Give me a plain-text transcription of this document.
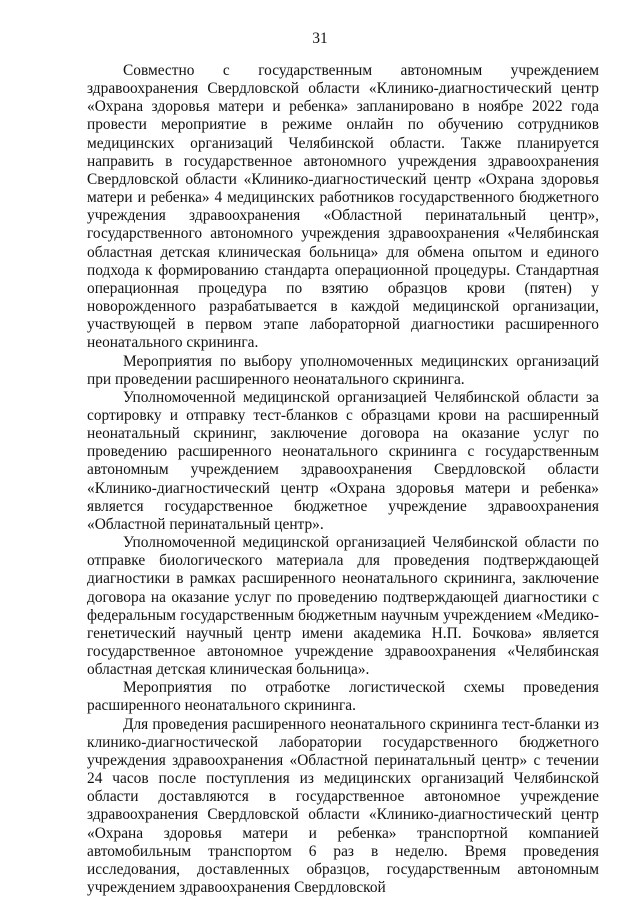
31

Совместно с государственным автономным учреждением здравоохранения Свердловской области «Клинико-диагностический центр «Охрана здоровья матери и ребенка» запланировано в ноябре 2022 года провести мероприятие в режиме онлайн по обучению сотрудников медицинских организаций Челябинской области. Также планируется направить в государственное автономного учреждения здравоохранения Свердловской области «Клинико-диагностический центр «Охрана здоровья матери и ребенка» 4 медицинских работников государственного бюджетного учреждения здравоохранения «Областной перинатальный центр», государственного автономного учреждения здравоохранения «Челябинская областная детская клиническая больница» для обмена опытом и единого подхода к формированию стандарта операционной процедуры. Стандартная операционная процедура по взятию образцов крови (пятен) у новорожденного разрабатывается в каждой медицинской организации, участвующей в первом этапе лабораторной диагностики расширенного неонатального скрининга.

Мероприятия по выбору уполномоченных медицинских организаций при проведении расширенного неонатального скрининга.

Уполномоченной медицинской организацией Челябинской области за сортировку и отправку тест-бланков с образцами крови на расширенный неонатальный скрининг, заключение договора на оказание услуг по проведению расширенного неонатального скрининга с государственным автономным учреждением здравоохранения Свердловской области «Клинико-диагностический центр «Охрана здоровья матери и ребенка» является государственное бюджетное учреждение здравоохранения «Областной перинатальный центр».

Уполномоченной медицинской организацией Челябинской области по отправке биологического материала для проведения подтверждающей диагностики в рамках расширенного неонатального скрининга, заключение договора на оказание услуг по проведению подтверждающей диагностики с федеральным государственным бюджетным научным учреждением «Медико-генетический научный центр имени академика Н.П. Бочкова» является государственное автономное учреждение здравоохранения «Челябинская областная детская клиническая больница».

Мероприятия по отработке логистической схемы проведения расширенного неонатального скрининга.

Для проведения расширенного неонатального скрининга тест-бланки из клинико-диагностической лаборатории государственного бюджетного учреждения здравоохранения «Областной перинатальный центр» с течении 24 часов после поступления из медицинских организаций Челябинской области доставляются в государственное автономное учреждение здравоохранения Свердловской области «Клинико-диагностический центр «Охрана здоровья матери и ребенка» транспортной компанией автомобильным транспортом 6 раз в неделю. Время проведения исследования, доставленных образцов, государственным автономным учреждением здравоохранения Свердловской
